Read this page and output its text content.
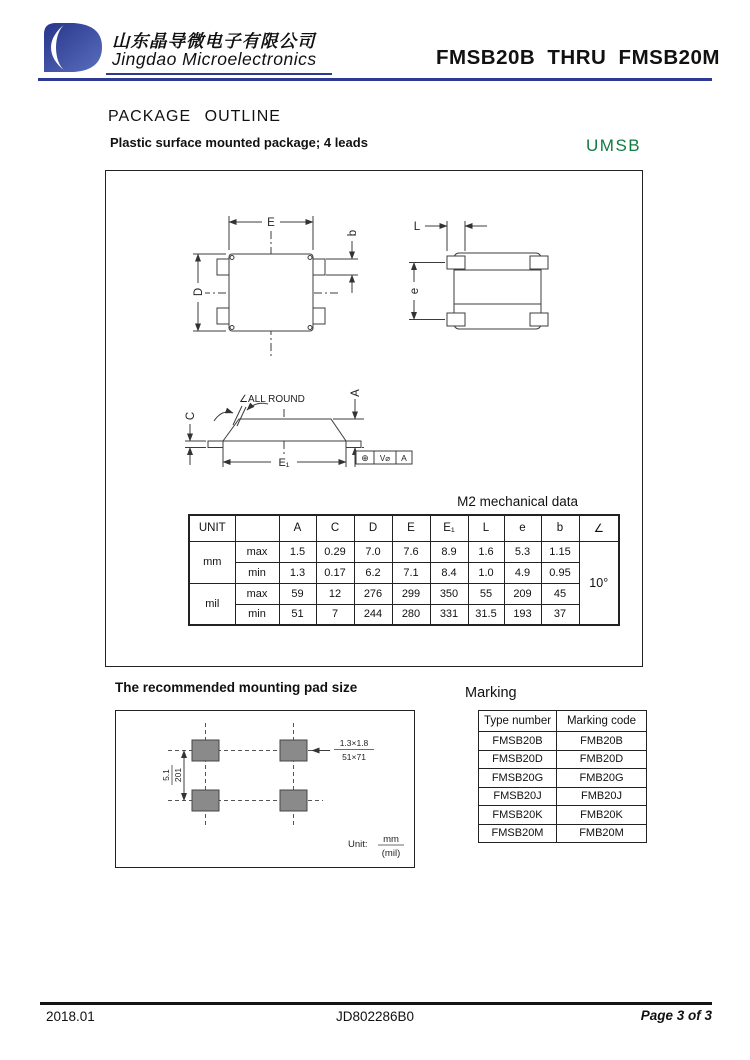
山东晶导微电子有限公司
Jingdao Microelectronics	FMSB20B THRU FMSB20M
PACKAGE OUTLINE
Plastic surface mounted package; 4 leads	UMSB
E
D
b	L
e
∠ALL ROUND
C
A
E₁	⊕ V⌀ A
M2 mechanical data
UNIT		A	C	D	E	E₁	L	e	b	∠
mm	max	1.5	0.29	7.0	7.6	8.9	1.6	5.3	1.15	10°
	min	1.3	0.17	6.2	7.1	8.4	1.0	4.9	0.95	
mil	max	59	12	276	299	350	55	209	45	
	min	51	7	244	280	331	31.5	193	37	
The recommended mounting pad size
5.1 201
1.3×1.8
51×71
Unit: mm
(mil)
Marking
Type number	Marking code
FMSB20B	FMB20B
FMSB20D	FMB20D
FMSB20G	FMB20G
FMSB20J	FMB20J
FMSB20K	FMB20K
FMSB20M	FMB20M
2018.01	JD802286B0	Page 3 of 3
